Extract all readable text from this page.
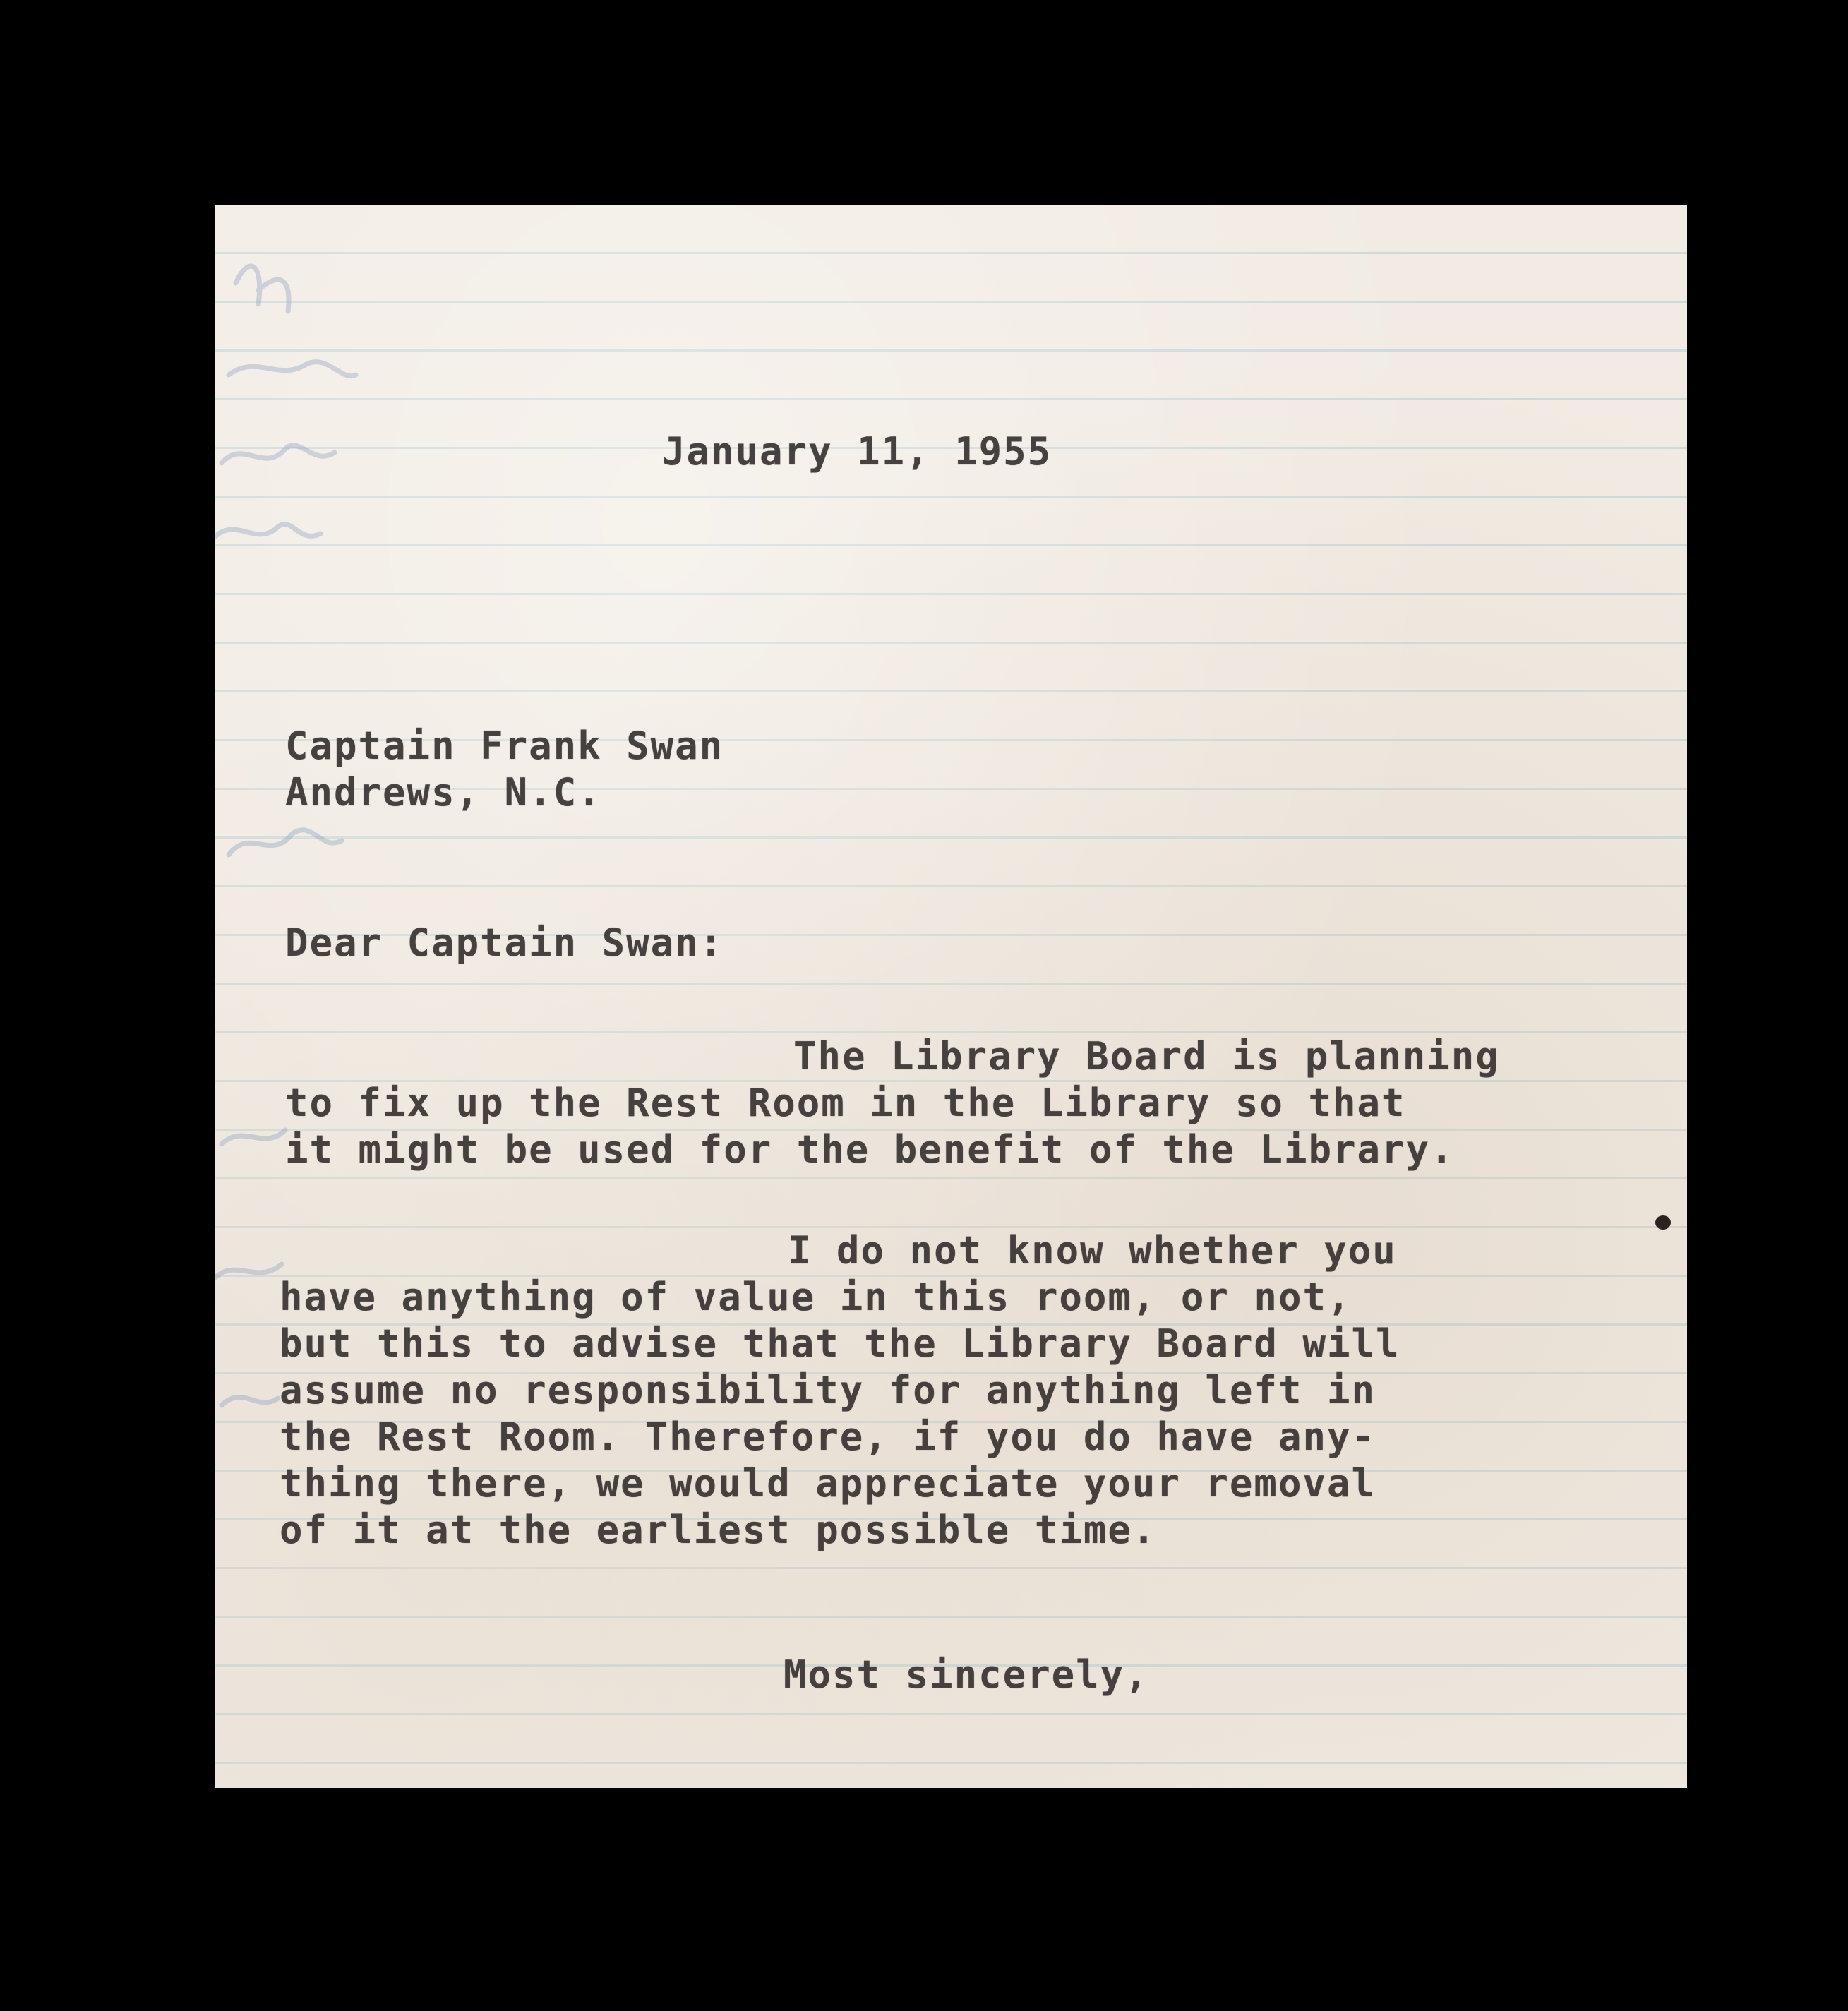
January 11, 1955

Captain Frank Swan

Andrews, N.C.

Dear Captain Swan:

The Library Board is planning
to fix up the Rest Room in the Library so that
it might be used for the benefit of the Library.
I do not know whether you
have anything of value in this room, or not,
but this to advise that the Library Board will
assume no responsibility for anything left in
the Rest Room. Therefore, if you do have any-
thing there, we would appreciate your removal
of it at the earliest possible time.

Most sincerely,
